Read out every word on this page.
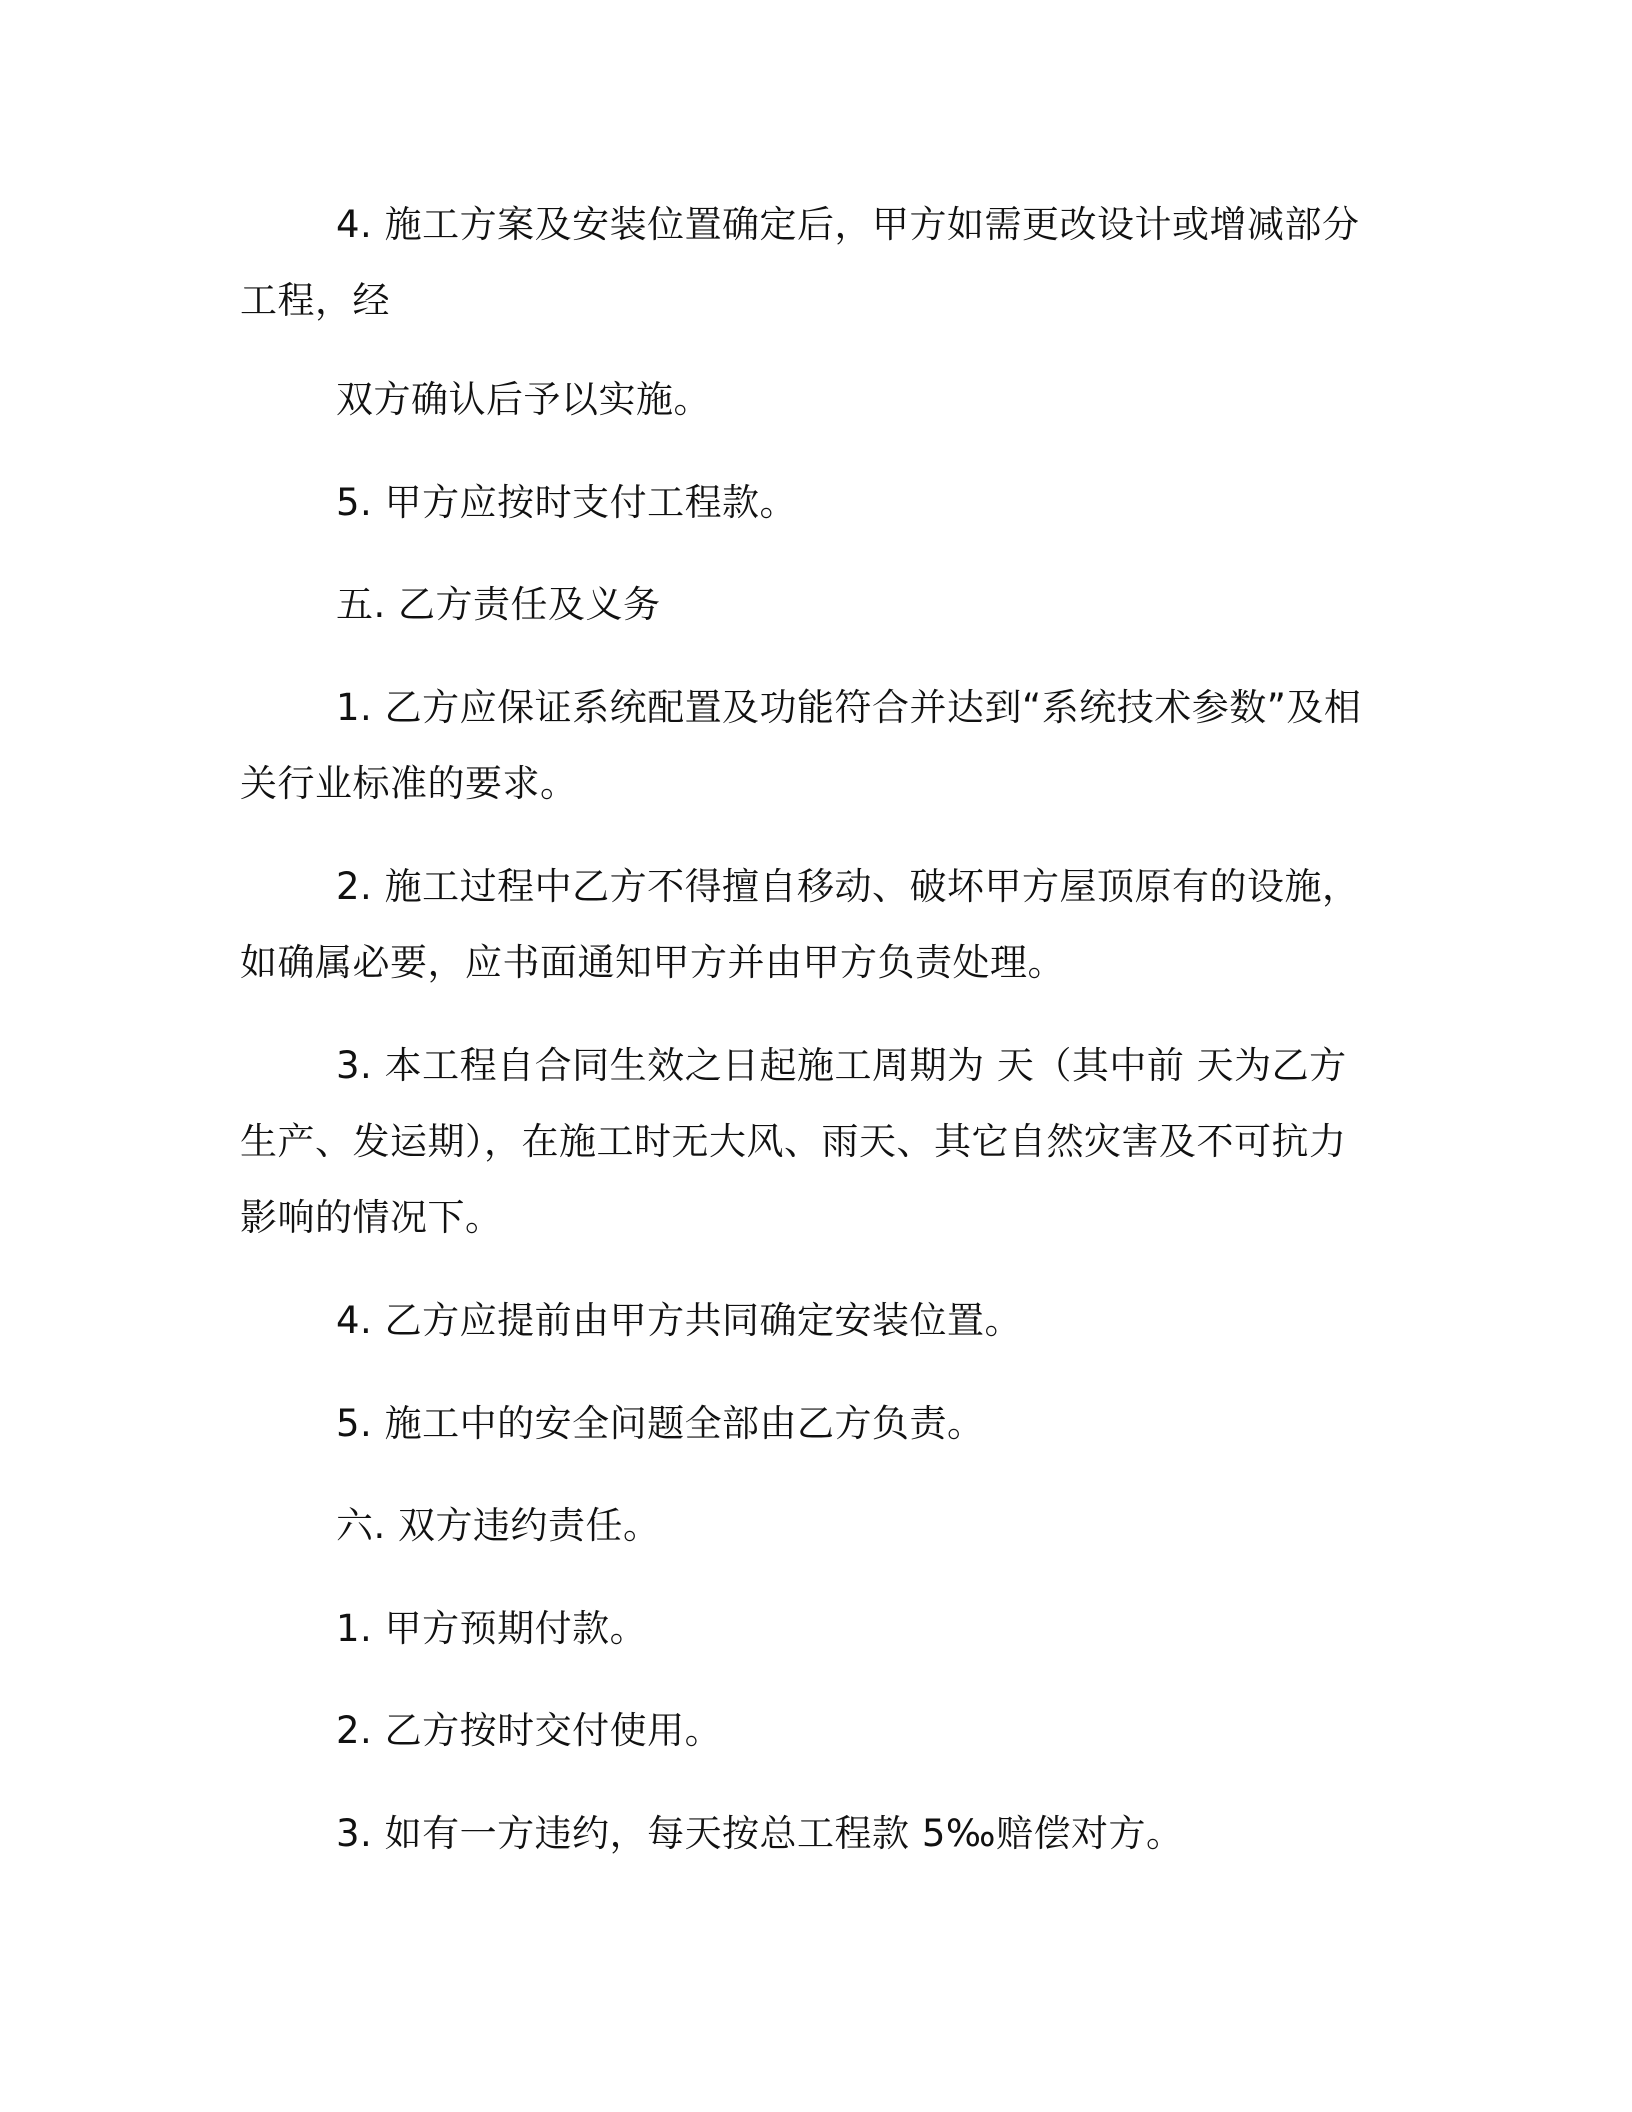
4. 施工方案及安装位置确定后，甲方如需更改设计或增减部分工程，经

双方确认后予以实施。

5. 甲方应按时支付工程款。

五. 乙方责任及义务

1. 乙方应保证系统配置及功能符合并达到“系统技术参数”及相关行业标准的要求。

2. 施工过程中乙方不得擅自移动、破坏甲方屋顶原有的设施，如确属必要，应书面通知甲方并由甲方负责处理。

3. 本工程自合同生效之日起施工周期为 天（其中前 天为乙方生产、发运期），在施工时无大风、雨天、其它自然灾害及不可抗力影响的情况下。

4. 乙方应提前由甲方共同确定安装位置。

5. 施工中的安全问题全部由乙方负责。

六. 双方违约责任。

1. 甲方预期付款。

2. 乙方按时交付使用。

3. 如有一方违约，每天按总工程款 5‰赔偿对方。
